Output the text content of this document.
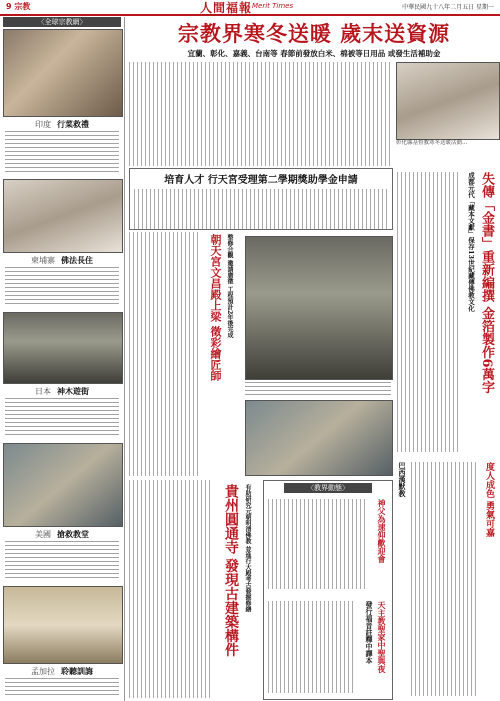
9 宗教	人間福報 Merit Times	中華民國九十八年二月五日 星期一
〈全球宗教網〉
印度 行菜救禮
柬埔寨 佛法長住
日本 神木遊街
美國 搶救教堂
孟加拉 聆聽訓誨
宗教界寒冬送暖 歲末送資源
宜蘭、彰化、嘉義、台南等 春節前發放白米、棉被等日用品 或發生活補助金
彰化縣基督教寒冬送暖活動…
培育人才 行天宮受理第二學期獎助學金申請	失傳「金書」重新編撰 金箔製作6萬字
成都元代「藏本文獻」保存13世紀藏傳佛教文化
朝天宮文昌殿上梁 徵彩繪匠師 整修合觀 邀請廣徵 工程預計2年後完成
貴州圓通寺 發現古建築構件 有助研究元朝明清佛教 並進行大殿考古發掘修繕	〈教界動態〉
神父為速仰歡迎會
天主教聖家中聖與夜
發行福音註釋中譯本
度人成色 勇氣可嘉
巴西漢默教
